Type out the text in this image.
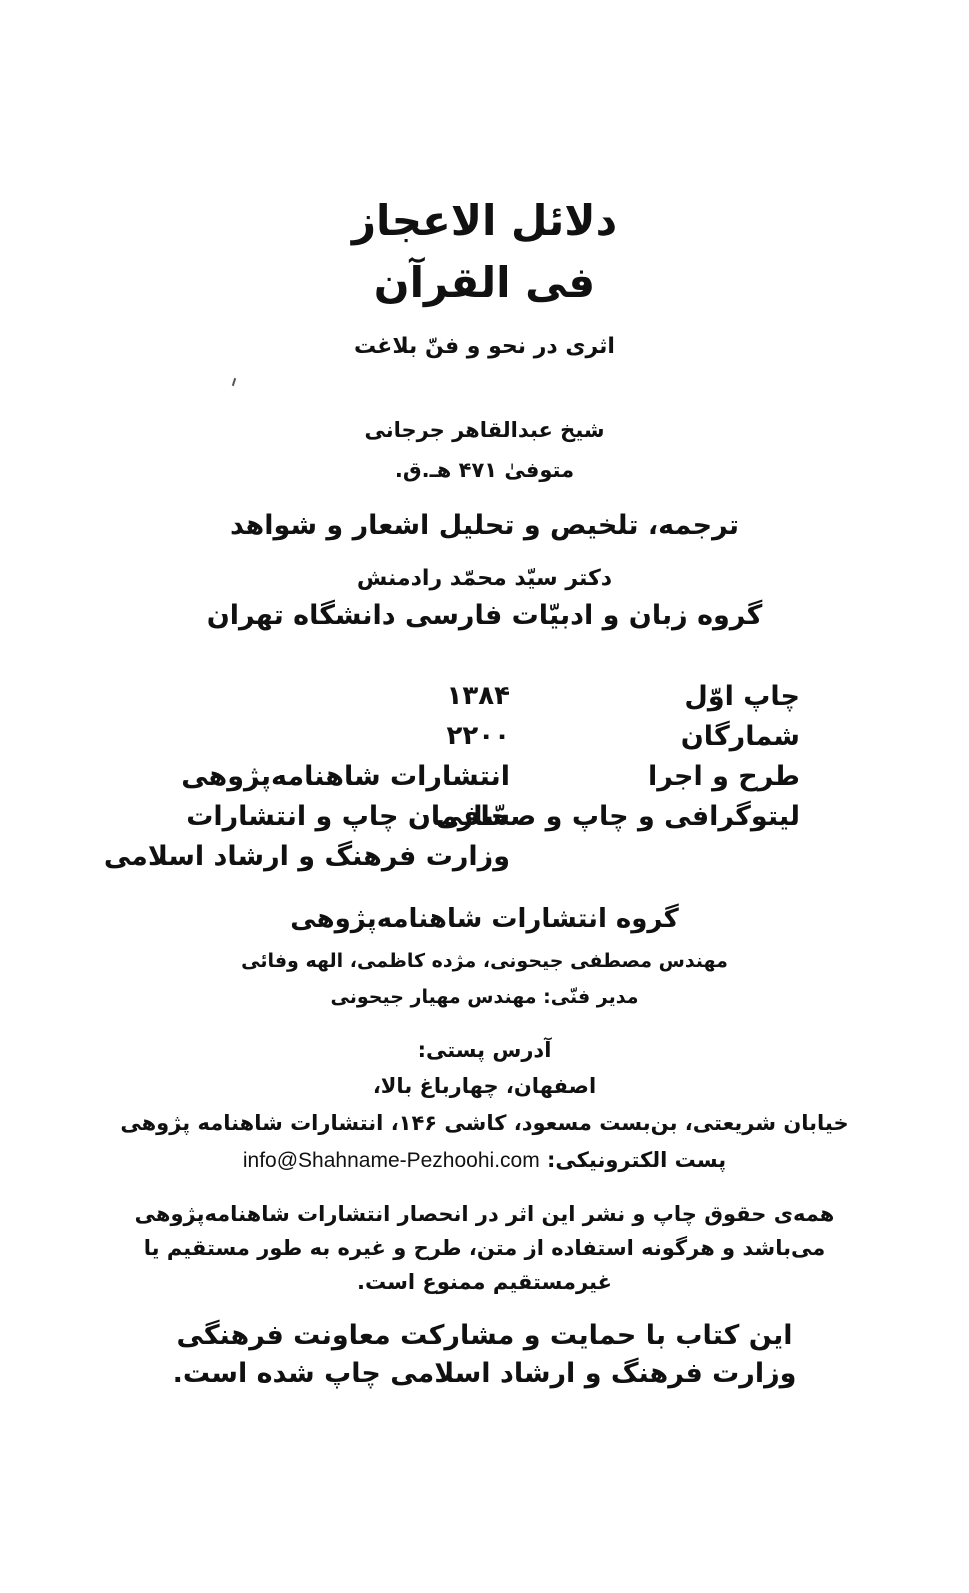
دلائل الاعجاز
فی القرآن
اثری در نحو و فنّ بلاغت
شیخ عبدالقاهر جرجانی
متوفیٰ ۴۷۱ هـ.ق.
ترجمه، تلخیص و تحلیل اشعار و شواهد
دکتر سیّد محمّد رادمنش
گروه زبان و ادبیّات فارسی دانشگاه تهران
چاپ اوّل
۱۳۸۴
شمارگان
۲۲۰۰
طرح و اجرا
انتشارات شاهنامه‌پژوهی
لیتوگرافی و چاپ و صحّافی
سازمان چاپ و انتشارات
وزارت فرهنگ و ارشاد اسلامی
گروه انتشارات شاهنامه‌پژوهی
مهندس مصطفی جیحونی، مژده کاظمی، الهه وفائی
مدیر فنّی: مهندس مهیار جیحونی
آدرس پستی:
اصفهان، چهارباغ بالا،
خیابان شریعتی، بن‌بست مسعود، کاشی ۱۴۶، انتشارات شاهنامه پژوهی
پست الکترونیکی: info@Shahname-Pezhoohi.com
همه‌ی حقوق چاپ و نشر این اثر در انحصار انتشارات شاهنامه‌پژوهی
می‌باشد و هرگونه استفاده از متن، طرح و غیره به طور مستقیم یا
غیرمستقیم ممنوع است.
این کتاب با حمایت و مشارکت معاونت فرهنگی
وزارت فرهنگ و ارشاد اسلامی چاپ شده است.
